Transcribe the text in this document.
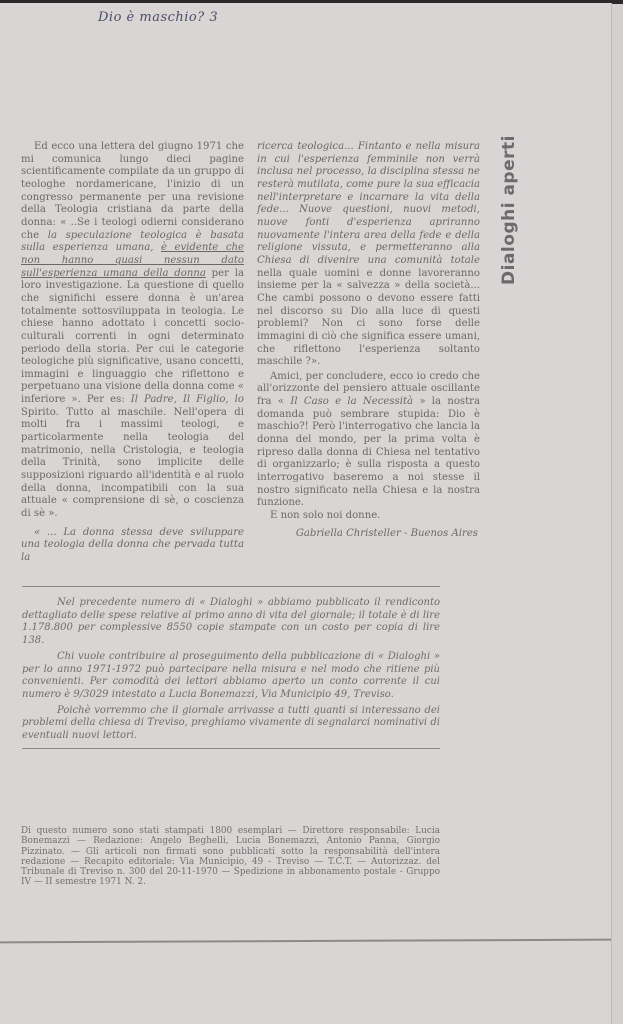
Dio è maschio? 3

Ed ecco una lettera del giugno 1971 che mi comunica lungo dieci pagine scientificamente compilate da un gruppo di teologhe nordamericane, l'inizio di un congresso permanente per una revisione della Teologia cristiana da parte della donna: « ..Se i teologi odierni considerano che la speculazione teologica è basata sulla esperienza umana, è evidente che non hanno quasi nessun dato sull'esperienza umana della donna per la loro investigazione. La questione di quello che significhi essere donna è un'area totalmente sottosviluppata in teologia. Le chiese hanno adottato i concetti socio-culturali correnti in ogni determinato periodo della storia. Per cui le categorie teologiche più significative, usano concetti, immagini e linguaggio che riflettono e perpetuano una visione della donna come « inferiore ». Per es: Il Padre, Il Figlio, lo Spirito. Tutto al maschile. Nell'opera di molti fra i massimi teologi, e particolarmente nella teologia del matrimonio, nella Cristologia, e teologia della Trinità, sono implicite delle supposizioni riguardo all'identità e al ruolo della donna, incompatibili con la sua attuale « comprensione di sè, o coscienza di sè ».

« ... La donna stessa deve sviluppare una teologia della donna che pervada tutta la

ricerca teologica... Fintanto e nella misura in cui l'esperienza femminile non verrà inclusa nel processo, la disciplina stessa ne resterà mutilata, come pure la sua efficacia nell'interpretare e incarnare la vita della fede... Nuove questioni, nuovi metodi, nuove fonti d'esperienza apriranno nuovamente l'intera area della fede e della religione vissuta, e permetteranno alla Chiesa di divenire una comunità totale nella quale uomini e donne lavoreranno insieme per la « salvezza » della società... Che cambi possono o devono essere fatti nel discorso su Dio alla luce di questi problemi? Non ci sono forse delle immagini di ciò che significa essere umani, che riflettono l'esperienza soltanto maschile ?».

Amici, per concludere, ecco io credo che all'orizzonte del pensiero attuale oscillante fra « Il Caso e la Necessità » la nostra domanda può sembrare stupida: Dio è maschio?! Però l'interrogativo che lancia la donna del mondo, per la prima volta è ripreso dalla donna di Chiesa nel tentativo di organizzarlo; è sulla risposta a questo interrogativo baseremo a noi stesse il nostro significato nella Chiesa e la nostra funzione.

E non solo noi donne.

Gabriella Christeller - Buenos Aires

Dialoghi aperti

Nel precedente numero di « Dialoghi » abbiamo pubblicato il rendiconto dettagliato delle spese relative al primo anno di vita del giornale; il totale è di lire 1.178.800 per complessive 8550 copie stampate con un costo per copia di lire 138.

Chi vuole contribuire al proseguimento della pubblicazione di « Dialoghi » per lo anno 1971-1972 può partecipare nella misura e nel modo che ritiene più convenienti. Per comodità dei lettori abbiamo aperto un conto corrente il cui numero è 9/3029 intestato a Lucia Bonemazzi, Via Municipio 49, Treviso.

Poichè vorremmo che il giornale arrivasse a tutti quanti si interessano dei problemi della chiesa di Treviso, preghiamo vivamente di segnalarci nominativi di eventuali nuovi lettori.

Di questo numero sono stati stampati 1800 esemplari — Direttore responsabile: Lucia Bonemazzi — Redazione: Angelo Beghelli, Lucia Bonemazzi, Antonio Panna, Giorgio Pizzinato. — Gli articoli non firmati sono pubblicati sotto la responsabilità dell'intera redazione — Recapito editoriale: Via Municipio, 49 - Treviso — T.C.T. — Autorizzaz. del Tribunale di Treviso n. 300 del 20-11-1970 — Spedizione in abbonamento postale - Gruppo IV — II semestre 1971 N. 2.
